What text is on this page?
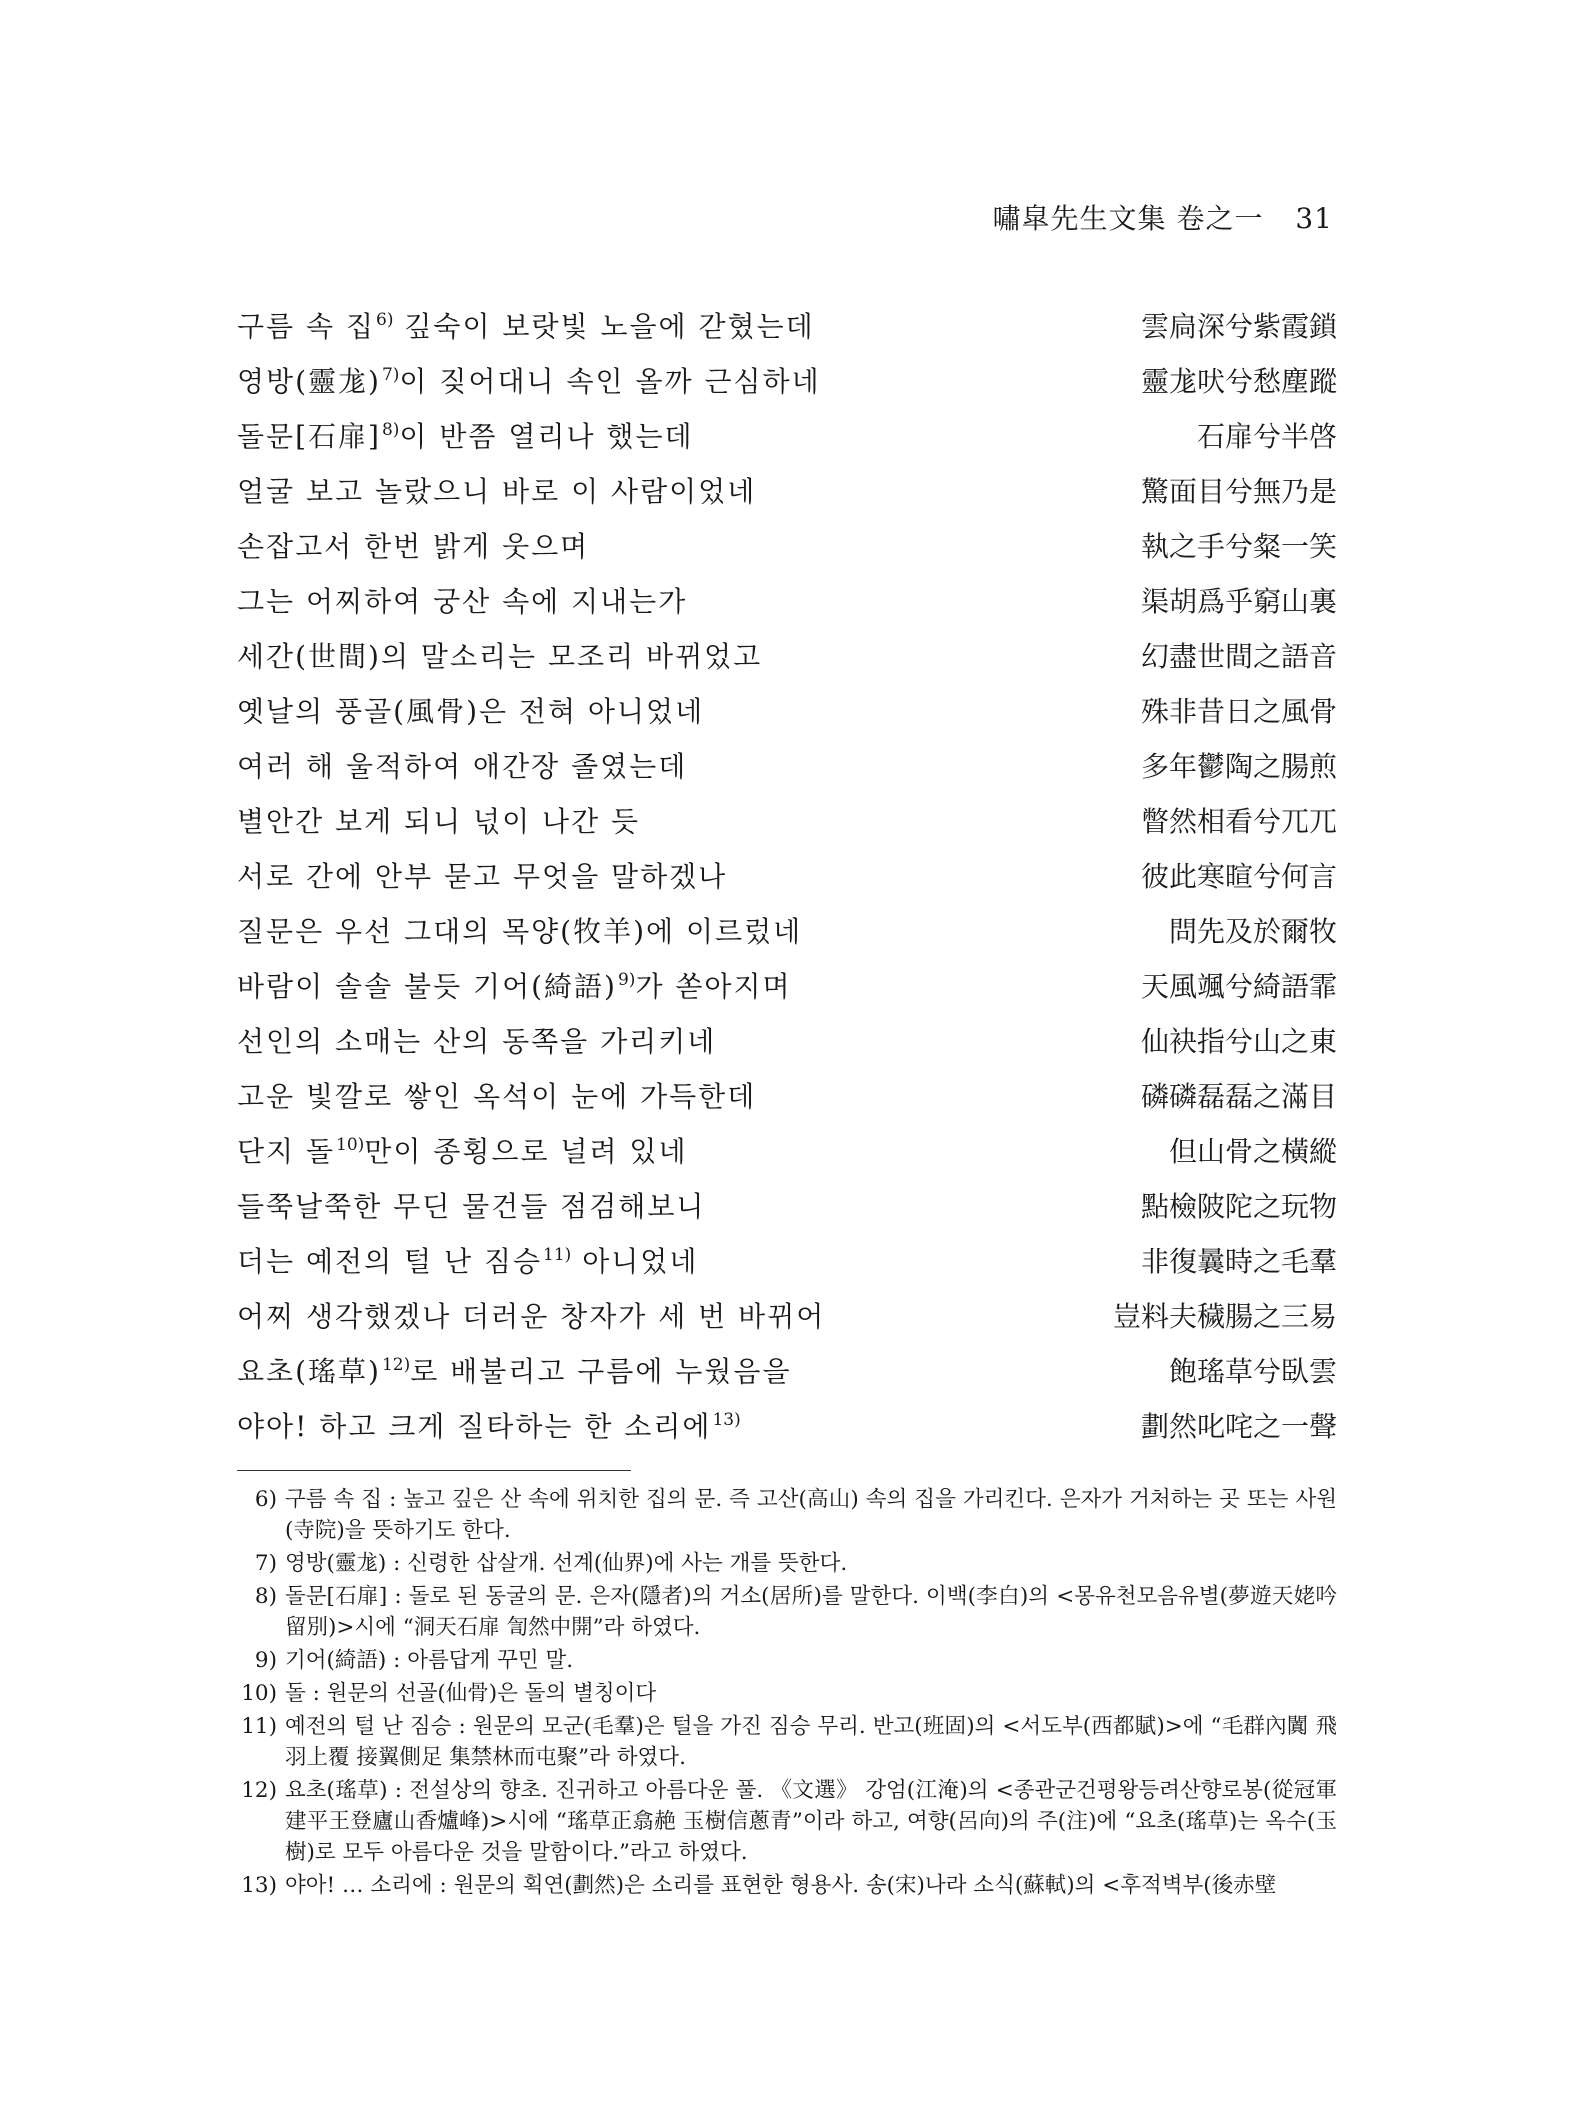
嘯皐先生文集 卷之一 31
구름 속 집$^{6)}$ 깊숙이 보랏빛 노을에 갇혔는데	雲扃深兮紫霞鎖
영방(靈尨)$^{7)}$이 짖어대니 속인 올까 근심하네	靈尨吠兮愁塵蹤
돌문[石扉]$^{8)}$이 반쯤 열리나 했는데	石扉兮半啓
얼굴 보고 놀랐으니 바로 이 사람이었네	驚面目兮無乃是
손잡고서 한번 밝게 웃으며	執之手兮粲一笑
그는 어찌하여 궁산 속에 지내는가	渠胡爲乎窮山裏
세간(世間)의 말소리는 모조리 바뀌었고	幻盡世間之語音
옛날의 풍골(風骨)은 전혀 아니었네	殊非昔日之風骨
여러 해 울적하여 애간장 졸였는데	多年鬱陶之腸煎
별안간 보게 되니 넋이 나간 듯	瞥然相看兮兀兀
서로 간에 안부 묻고 무엇을 말하겠나	彼此寒暄兮何言
질문은 우선 그대의 목양(牧羊)에 이르렀네	問先及於爾牧
바람이 솔솔 불듯 기어(綺語)$^{9)}$가 쏟아지며	天風颯兮綺語霏
선인의 소매는 산의 동쪽을 가리키네	仙袂指兮山之東
고운 빛깔로 쌓인 옥석이 눈에 가득한데	磷磷磊磊之滿目
단지 돌$^{10)}$만이 종횡으로 널려 있네	但山骨之橫縱
들쭉날쭉한 무딘 물건들 점검해보니	點檢陂陀之玩物
더는 예전의 털 난 짐승$^{11)}$ 아니었네	非復曩時之毛羣
어찌 생각했겠나 더러운 창자가 세 번 바뀌어	豈料夫穢腸之三易
요초(瑤草)$^{12)}$로 배불리고 구름에 누웠음을	飽瑤草兮臥雲
야아! 하고 크게 질타하는 한 소리에$^{13)}$	劃然叱咤之一聲
6) 구름 속 집 : 높고 깊은 산 속에 위치한 집의 문. 즉 고산(高山) 속의 집을 가리킨다. 은자가 거처하는 곳 또는 사원(寺院)을 뜻하기도 한다.
7) 영방(靈尨) : 신령한 삽살개. 선계(仙界)에 사는 개를 뜻한다.
8) 돌문[石扉] : 돌로 된 동굴의 문. 은자(隱者)의 거소(居所)를 말한다. 이백(李白)의 <몽유천모음유별(夢遊天姥吟留別)>시에 “洞天石扉 訇然中開”라 하였다.
9) 기어(綺語) : 아름답게 꾸민 말.
10) 돌 : 원문의 선골(仙骨)은 돌의 별칭이다
11) 예전의 털 난 짐승 : 원문의 모군(毛羣)은 털을 가진 짐승 무리. 반고(班固)의 <서도부(西都賦)>에 “毛群內闐 飛羽上覆 接翼側足 集禁林而屯聚”라 하였다.
12) 요초(瑤草) : 전설상의 향초. 진귀하고 아름다운 풀. 《文選》 강엄(江淹)의 <종관군건평왕등려산향로봉(從冠軍建平王登廬山香爐峰)>시에 “瑤草正翕赩 玉樹信蔥青”이라 하고, 여향(呂向)의 주(注)에 “요초(瑤草)는 옥수(玉樹)로 모두 아름다운 것을 말함이다.”라고 하였다.
13) 야아! … 소리에 : 원문의 획연(劃然)은 소리를 표현한 형용사. 송(宋)나라 소식(蘇軾)의 <후적벽부(後赤壁
